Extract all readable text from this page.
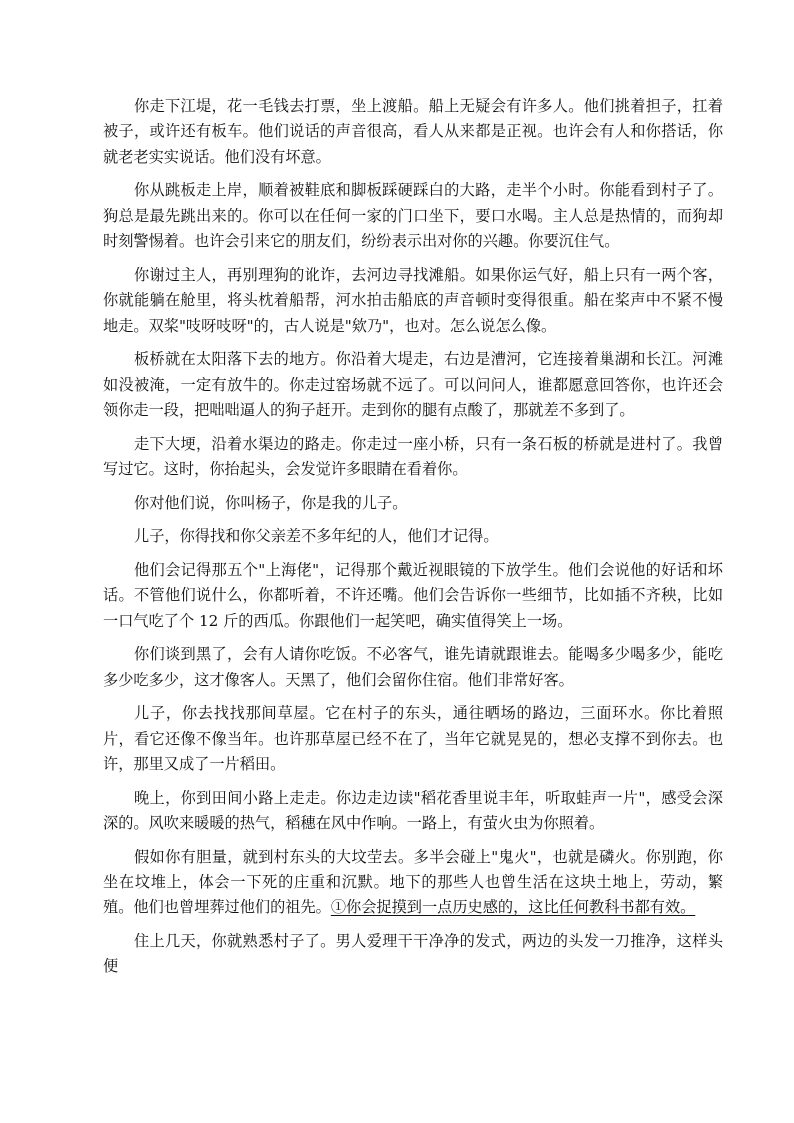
你走下江堤，花一毛钱去打票，坐上渡船。船上无疑会有许多人。他们挑着担子，扛着被子，或许还有板车。他们说话的声音很高，看人从来都是正视。也许会有人和你搭话，你就老老实实说话。他们没有坏意。

你从跳板走上岸，顺着被鞋底和脚板踩硬踩白的大路，走半个小时。你能看到村子了。狗总是最先跳出来的。你可以在任何一家的门口坐下，要口水喝。主人总是热情的，而狗却时刻警惕着。也许会引来它的朋友们，纷纷表示出对你的兴趣。你要沉住气。

你谢过主人，再别理狗的讹诈，去河边寻找滩船。如果你运气好，船上只有一两个客，你就能躺在舱里，将头枕着船帮，河水拍击船底的声音顿时变得很重。船在桨声中不紧不慢地走。双桨"吱呀吱呀"的，古人说是"欸乃"，也对。怎么说怎么像。

板桥就在太阳落下去的地方。你沿着大堤走，右边是漕河，它连接着巢湖和长江。河滩如没被淹，一定有放牛的。你走过窑场就不远了。可以问问人，谁都愿意回答你，也许还会领你走一段，把咄咄逼人的狗子赶开。走到你的腿有点酸了，那就差不多到了。

走下大埂，沿着水渠边的路走。你走过一座小桥，只有一条石板的桥就是进村了。我曾写过它。这时，你抬起头，会发觉许多眼睛在看着你。

你对他们说，你叫杨子，你是我的儿子。

儿子，你得找和你父亲差不多年纪的人，他们才记得。

他们会记得那五个"上海佬"，记得那个戴近视眼镜的下放学生。他们会说他的好话和坏话。不管他们说什么，你都听着，不许还嘴。他们会告诉你一些细节，比如插不齐秧，比如一口气吃了个 12 斤的西瓜。你跟他们一起笑吧，确实值得笑上一场。

你们谈到黑了，会有人请你吃饭。不必客气，谁先请就跟谁去。能喝多少喝多少，能吃多少吃多少，这才像客人。天黑了，他们会留你住宿。他们非常好客。

儿子，你去找找那间草屋。它在村子的东头，通往晒场的路边，三面环水。你比着照片，看它还像不像当年。也许那草屋已经不在了，当年它就晃晃的，想必支撑不到你去。也许，那里又成了一片稻田。

晚上，你到田间小路上走走。你边走边读"稻花香里说丰年，听取蛙声一片"，感受会深深的。风吹来暖暖的热气，稻穗在风中作响。一路上，有萤火虫为你照着。

假如你有胆量，就到村东头的大坟茔去。多半会碰上"鬼火"，也就是磷火。你别跑，你坐在坟堆上，体会一下死的庄重和沉默。地下的那些人也曾生活在这块土地上，劳动，繁殖。他们也曾埋葬过他们的祖先。①你会捉摸到一点历史感的，这比任何教科书都有效。

住上几天，你就熟悉村子了。男人爱理干干净净的发式，两边的头发一刀推净，这样头便
